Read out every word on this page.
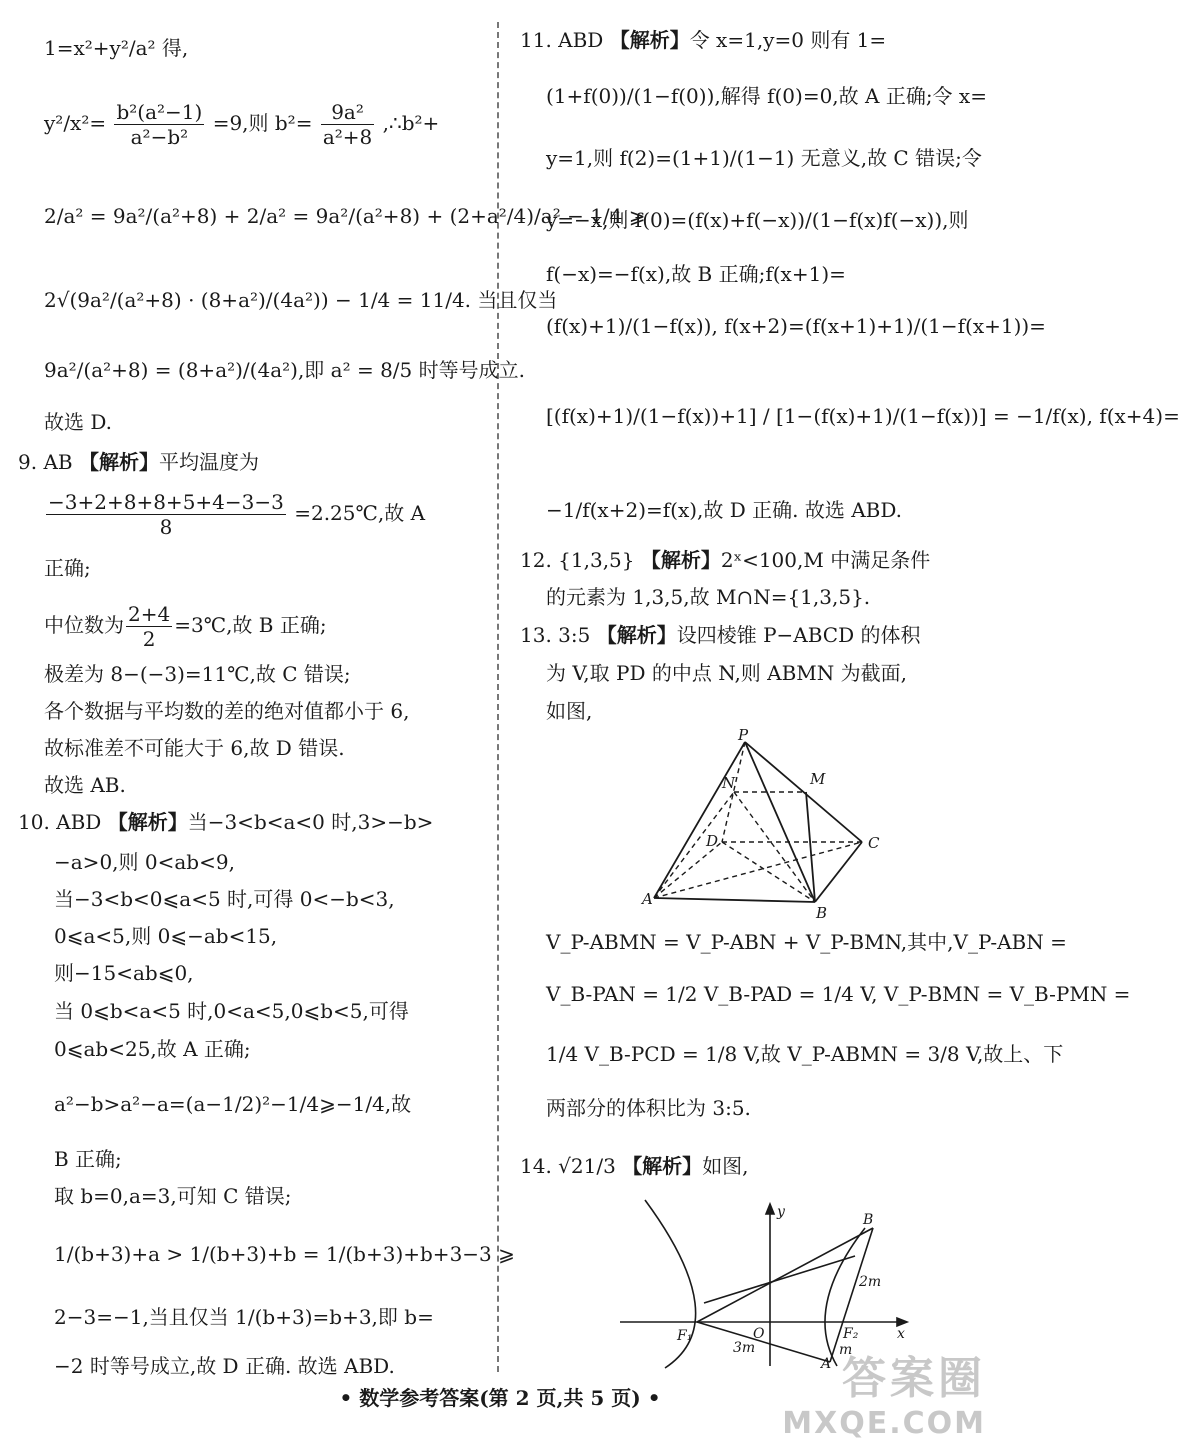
1=x²+y²/a² 得,
$y^2/x^2= \frac{\text{b²(a²−1)}}{\text{a²−b²}} =9$,则 $b^2= \frac{\text{9a²}}{\text{a²+8}}$ ,∴b²+
2/a² = 9a²/(a²+8) + 2/a² = 9a²/(a²+8) + (2+a²/4)/a² − 1/4 ⩾
2√(9a²/(a²+8) · (8+a²)/(4a²)) − 1/4 = 11/4. 当且仅当
9a²/(a²+8) = (8+a²)/(4a²),即 a² = 8/5 时等号成立.
故选 D.
9. AB 【解析】平均温度为
$\frac{-3+2+8+8+5+4-3-3}{8}$ =2.25℃,故 A
正确;
中位数为 $\frac{2+4}{2}$ =3℃,故 B 正确;
极差为 8−(−3)=11℃,故 C 错误;
各个数据与平均数的差的绝对值都小于 6,
故标准差不可能大于 6,故 D 错误.
故选 AB.
10. ABD 【解析】当−3<b<a<0 时,3>−b>
−a>0,则 0<ab<9,
当−3<b<0⩽a<5 时,可得 0<−b<3,
0⩽a<5,则 0⩽−ab<15,
则−15<ab⩽0,
当 0⩽b<a<5 时,0<a<5,0⩽b<5,可得
0⩽ab<25,故 A 正确;
a²−b>a²−a=(a−1/2)²−1/4⩾−1/4,故
B 正确;
取 b=0,a=3,可知 C 错误;
1/(b+3)+a > 1/(b+3)+b = 1/(b+3)+b+3−3 ⩾
2−3=−1,当且仅当 1/(b+3)=b+3,即 b=
−2 时等号成立,故 D 正确. 故选 ABD.
11. ABD 【解析】令 x=1,y=0 则有 1=
(1+f(0))/(1−f(0)),解得 f(0)=0,故 A 正确;令 x=
y=1,则 f(2)=(1+1)/(1−1) 无意义,故 C 错误;令
y=−x,则 f(0)=(f(x)+f(−x))/(1−f(x)f(−x)),则
f(−x)=−f(x),故 B 正确;f(x+1)=
(f(x)+1)/(1−f(x)), f(x+2)=(f(x+1)+1)/(1−f(x+1))=
[(f(x)+1)/(1−f(x))+1] / [1−(f(x)+1)/(1−f(x))] = −1/f(x), f(x+4)=
−1/f(x+2)=f(x),故 D 正确. 故选 ABD.
12. {1,3,5} 【解析】2ˣ<100,M 中满足条件
的元素为 1,3,5,故 M∩N={1,3,5}.
13. 3:5 【解析】设四棱锥 P−ABCD 的体积
为 V,取 PD 的中点 N,则 ABMN 为截面,
如图,
V_P-ABMN = V_P-ABN + V_P-BMN,其中,V_P-ABN =
V_B-PAN = 1/2 V_B-PAD = 1/4 V, V_P-BMN = V_B-PMN =
1/4 V_B-PCD = 1/8 V,故 V_P-ABMN = 3/8 V,故上、下
两部分的体积比为 3:5.
14. √21/3 【解析】如图,
P
M
N
D	C
A
B
y
x
B
2m
F₁	O	F₂
3m	m
A
• 数学参考答案(第 2 页,共 5 页) •	答案圈
MXQE.COM
